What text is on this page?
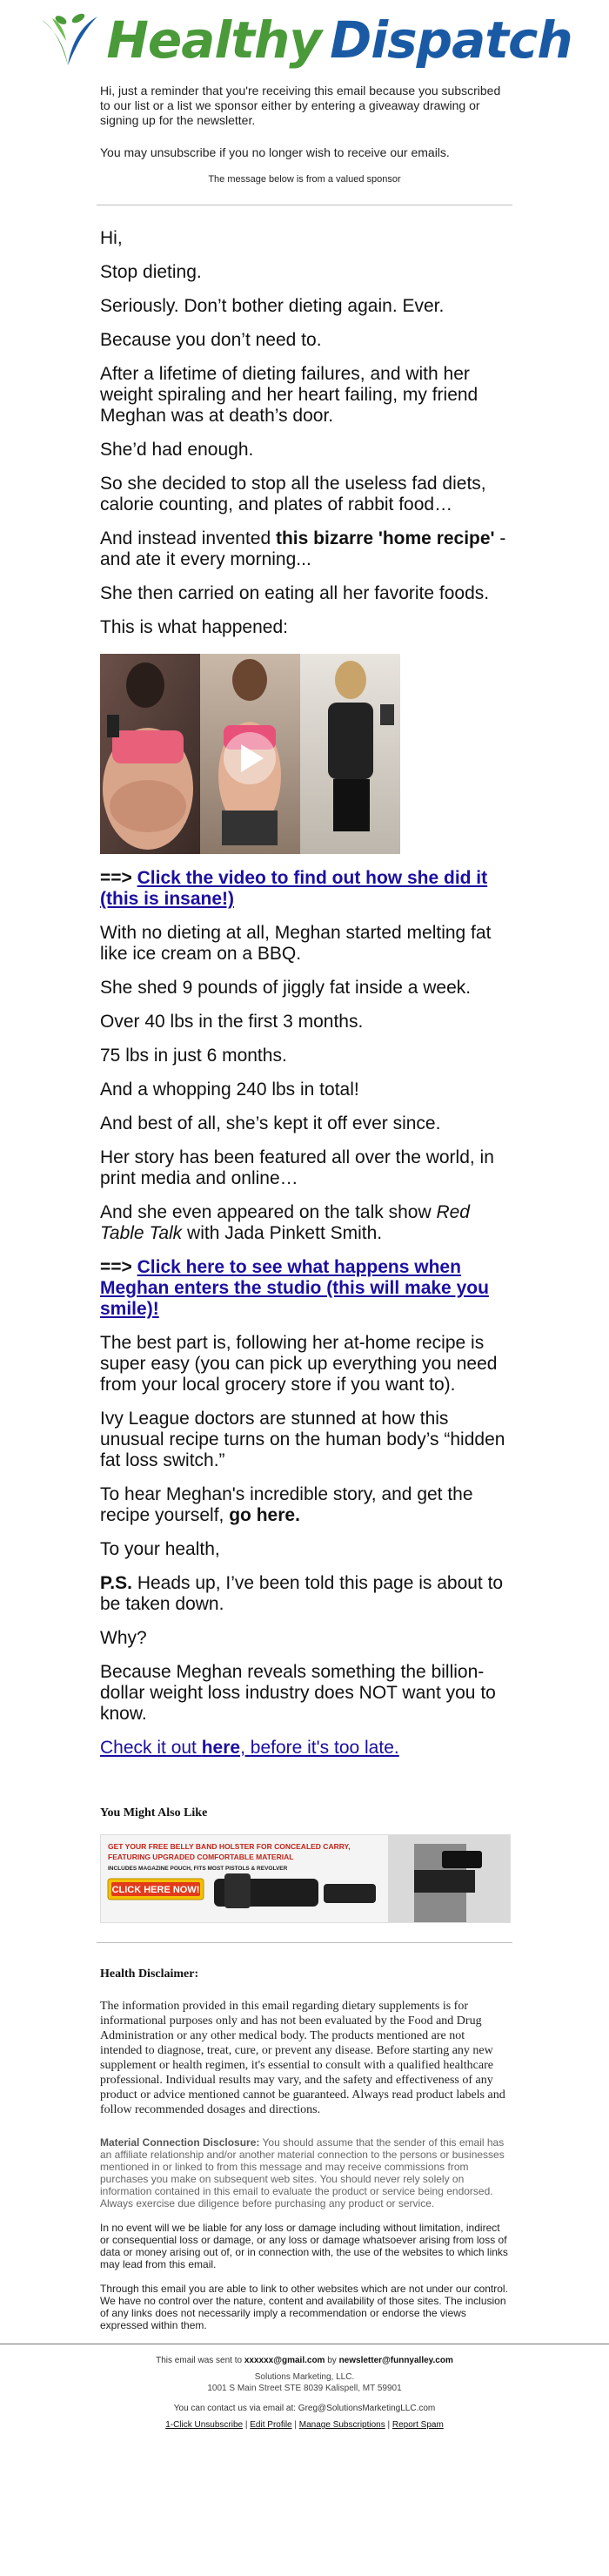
Healthy Dispatch

Hi, just a reminder that you're receiving this email because you subscribed to our list or a list we sponsor either by entering a giveaway drawing or signing up for the newsletter.

You may unsubscribe if you no longer wish to receive our emails.

The message below is from a valued sponsor

Hi,

Stop dieting.

Seriously. Don’t bother dieting again. Ever.

Because you don’t need to.

After a lifetime of dieting failures, and with her weight spiraling and her heart failing, my friend Meghan was at death’s door.

She’d had enough.

So she decided to stop all the useless fad diets, calorie counting, and plates of rabbit food…

And instead invented this bizarre 'home recipe' - and ate it every morning...

She then carried on eating all her favorite foods.

This is what happened:

==> Click the video to find out how she did it (this is insane!)

With no dieting at all, Meghan started melting fat like ice cream on a BBQ.

She shed 9 pounds of jiggly fat inside a week.

Over 40 lbs in the first 3 months.

75 lbs in just 6 months.

And a whopping 240 lbs in total!

And best of all, she’s kept it off ever since.

Her story has been featured all over the world, in print media and online…

And she even appeared on the talk show Red Table Talk with Jada Pinkett Smith.

==> Click here to see what happens when Meghan enters the studio (this will make you smile)!

The best part is, following her at-home recipe is super easy (you can pick up everything you need from your local grocery store if you want to).

Ivy League doctors are stunned at how this unusual recipe turns on the human body’s “hidden fat loss switch.”

To hear Meghan's incredible story, and get the recipe yourself, go here.

To your health,

P.S. Heads up, I’ve been told this page is about to be taken down.

Why?

Because Meghan reveals something the billion-dollar weight loss industry does NOT want you to know.

Check it out here, before it's too late.

You Might Also Like

GET YOUR FREE BELLY BAND HOLSTER FOR CONCEALED CARRY,
FEATURING UPGRADED COMFORTABLE MATERIAL
INCLUDES MAGAZINE POUCH, FITS MOST PISTOLS & REVOLVER
CLICK HERE NOW!

Health Disclaimer:

The information provided in this email regarding dietary supplements is for informational purposes only and has not been evaluated by the Food and Drug Administration or any other medical body. The products mentioned are not intended to diagnose, treat, cure, or prevent any disease. Before starting any new supplement or health regimen, it's essential to consult with a qualified healthcare professional. Individual results may vary, and the safety and effectiveness of any product or advice mentioned cannot be guaranteed. Always read product labels and follow recommended dosages and directions.

Material Connection Disclosure: You should assume that the sender of this email has an affiliate relationship and/or another material connection to the persons or businesses mentioned in or linked to from this message and may receive commissions from purchases you make on subsequent web sites. You should never rely solely on information contained in this email to evaluate the product or service being endorsed. Always exercise due diligence before purchasing any product or service.

In no event will we be liable for any loss or damage including without limitation, indirect or consequential loss or damage, or any loss or damage whatsoever arising from loss of data or money arising out of, or in connection with, the use of the websites to which links may lead from this email.

Through this email you are able to link to other websites which are not under our control. We have no control over the nature, content and availability of those sites. The inclusion of any links does not necessarily imply a recommendation or endorse the views expressed within them.

This email was sent to xxxxxx@gmail.com by newsletter@funnyalley.com

Solutions Marketing, LLC.
1001 S Main Street STE 8039 Kalispell, MT 59901

You can contact us via email at: Greg@SolutionsMarketingLLC.com

1-Click Unsubscribe | Edit Profile | Manage Subscriptions | Report Spam
